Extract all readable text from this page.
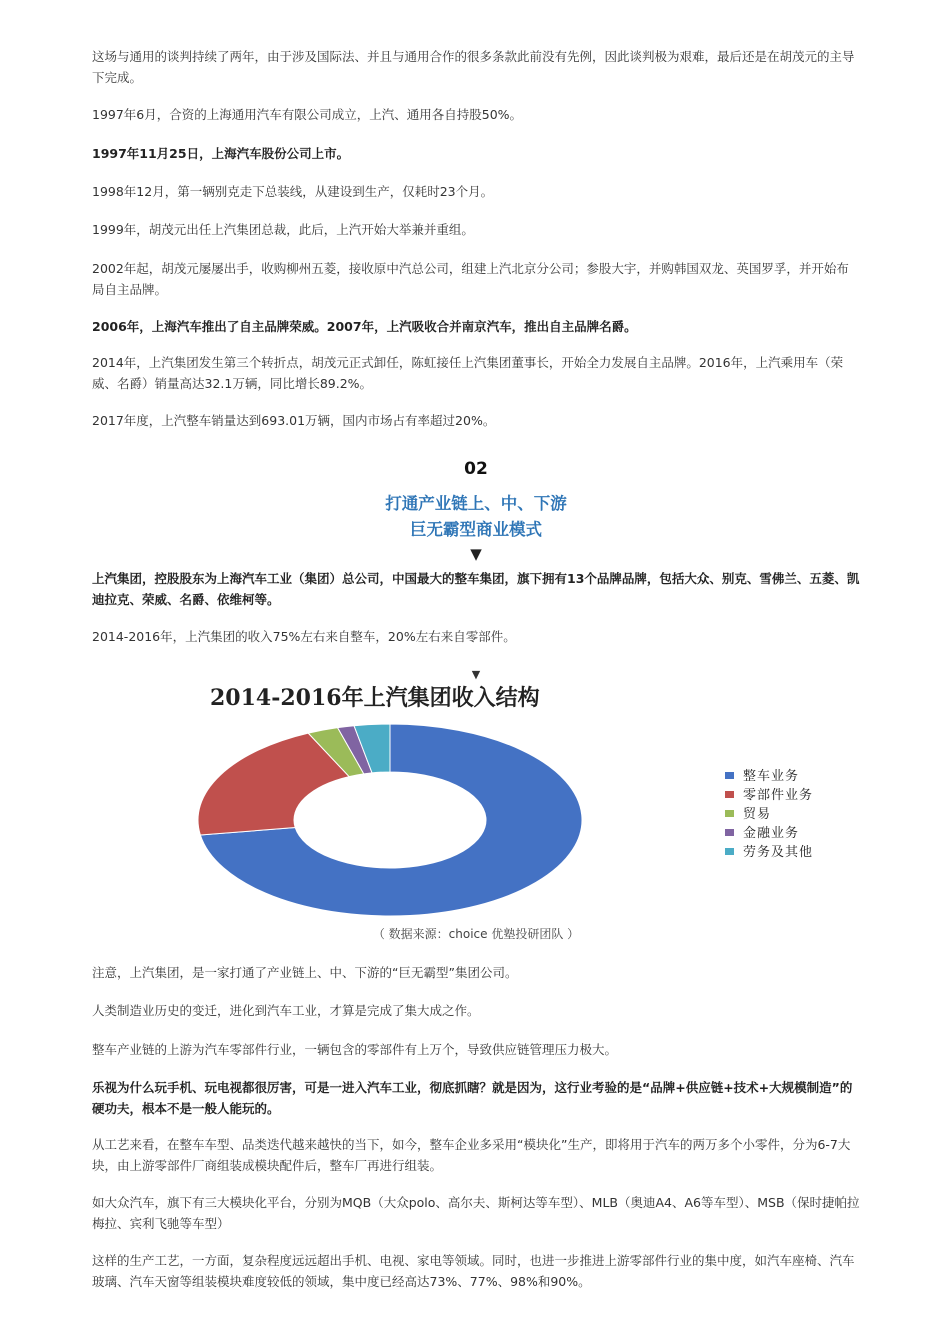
这场与通用的谈判持续了两年，由于涉及国际法、并且与通用合作的很多条款此前没有先例，因此谈判极为艰难，最后还是在胡茂元的主导下完成。

1997年6月，合资的上海通用汽车有限公司成立，上汽、通用各自持股50%。

1997年11月25日，上海汽车股份公司上市。

1998年12月，第一辆别克走下总装线，从建设到生产，仅耗时23个月。

1999年，胡茂元出任上汽集团总裁，此后，上汽开始大举兼并重组。

2002年起，胡茂元屡屡出手，收购柳州五菱，接收原中汽总公司，组建上汽北京分公司；参股大宇，并购韩国双龙、英国罗孚，并开始布局自主品牌。

2006年，上海汽车推出了自主品牌荣威。2007年，上汽吸收合并南京汽车，推出自主品牌名爵。

2014年，上汽集团发生第三个转折点，胡茂元正式卸任，陈虹接任上汽集团董事长，开始全力发展自主品牌。2016年，上汽乘用车（荣威、名爵）销量高达32.1万辆，同比增长89.2%。

2017年度，上汽整车销量达到693.01万辆，国内市场占有率超过20%。

02

打通产业链上、中、下游

巨无霸型商业模式

▼

上汽集团，控股股东为上海汽车工业（集团）总公司，中国最大的整车集团，旗下拥有13个品牌品牌，包括大众、别克、雪佛兰、五菱、凯迪拉克、荣威、名爵、依维柯等。

2014-2016年，上汽集团的收入75%左右来自整车，20%左右来自零部件。

▼

（ 数据来源：choice 优塾投研团队 ）

注意，上汽集团，是一家打通了产业链上、中、下游的“巨无霸型”集团公司。

人类制造业历史的变迁，进化到汽车工业，才算是完成了集大成之作。

整车产业链的上游为汽车零部件行业，一辆包含的零部件有上万个，导致供应链管理压力极大。

乐视为什么玩手机、玩电视都很厉害，可是一进入汽车工业，彻底抓瞎？就是因为，这行业考验的是“品牌+供应链+技术+大规模制造”的硬功夫，根本不是一般人能玩的。

从工艺来看，在整车车型、品类迭代越来越快的当下，如今，整车企业多采用“模块化”生产，即将用于汽车的两万多个小零件，分为6-7大块，由上游零部件厂商组装成模块配件后，整车厂再进行组装。

如大众汽车，旗下有三大模块化平台，分别为MQB（大众polo、高尔夫、斯柯达等车型）、MLB（奥迪A4、A6等车型）、MSB（保时捷帕拉梅拉、宾利飞驰等车型）

这样的生产工艺，一方面，复杂程度远远超出手机、电视、家电等领域。同时，也进一步推进上游零部件行业的集中度，如汽车座椅、汽车玻璃、汽车天窗等组装模块难度较低的领域，集中度已经高达73%、77%、98%和90%。

2014-2016年上汽集团收入结构
整车业务
零部件业务
贸易
金融业务
劳务及其他
